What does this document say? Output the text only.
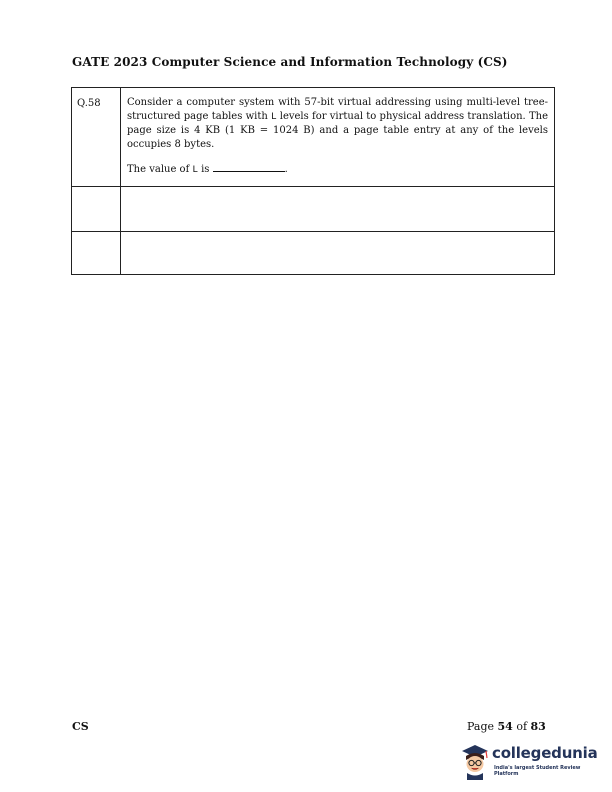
GATE 2023 Computer Science and Information Technology (CS)
Q.58	Consider a computer system with 57-bit virtual addressing using multi-level tree-structured page tables with L levels for virtual to physical address translation. The page size is 4 KB (1 KB = 1024 B) and a page table entry at any of the levels occupies 8 bytes.

The value of L is .

CS	Page 54 of 83
collegedunia
India's largest Student Review Platform
